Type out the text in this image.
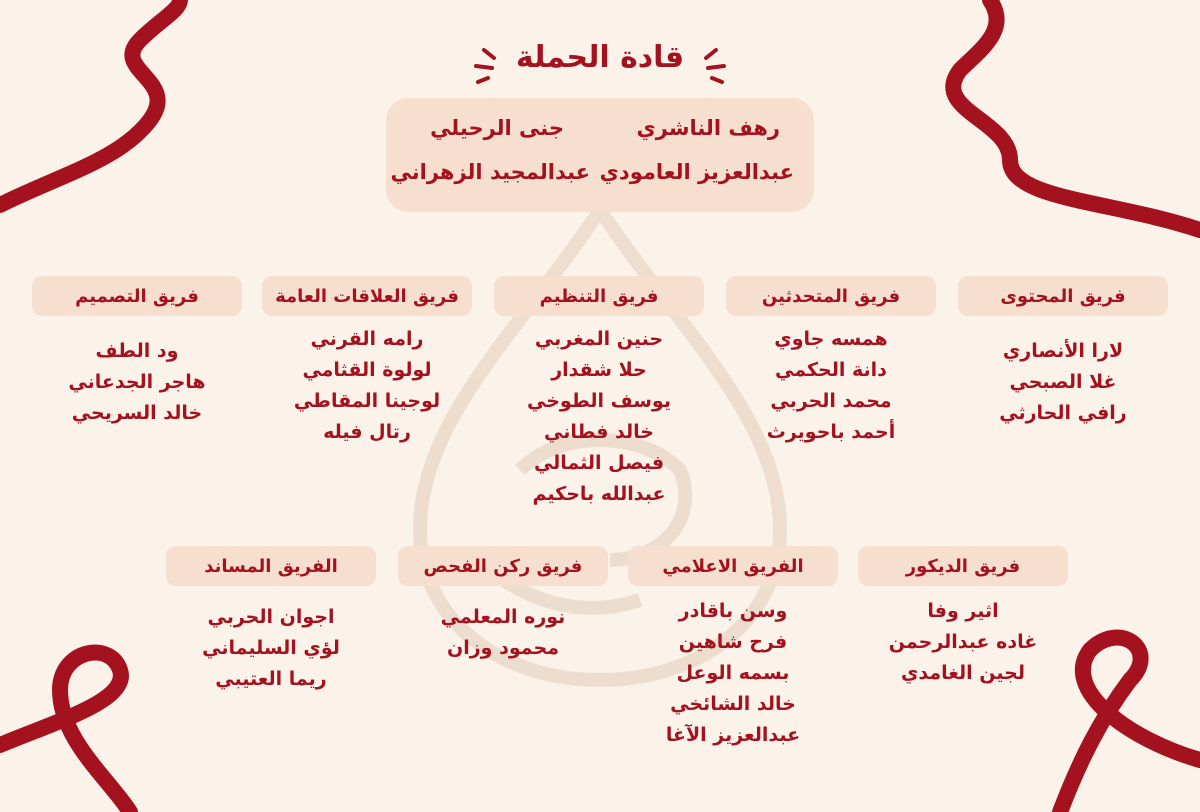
قادة الحملة
رهف الناشري
جنى الرحيلي
عبدالعزيز العامودي
عبدالمجيد الزهراني
فريق المحتوى
لارا الأنصاري
غلا الصبحي
رافي الحارثي
فريق المتحدثين
همسه جاوي
دانة الحكمي
محمد الحربي
أحمد باحويرث
فريق التنظيم
حنين المغربي
حلا شقدار
يوسف الطوخي
خالد فطاني
فيصل الثمالي
عبدالله باحكيم
فريق العلاقات العامة
رامه القرني
لولوة القثامي
لوجينا المقاطي
رتال فيله
فريق التصميم
ود الطف
هاجر الجدعاني
خالد السريحي
فريق الديكور
اثير وفا
غاده عبدالرحمن
لجين الغامدي
الفريق الاعلامي
وسن باقادر
فرح شاهين
بسمه الوعل
خالد الشائخي
عبدالعزيز الآغا
فريق ركن الفحص
نوره المعلمي
محمود وزان
الفريق المساند
اجوان الحربي
لؤي السليماني
ريما العتيبي
